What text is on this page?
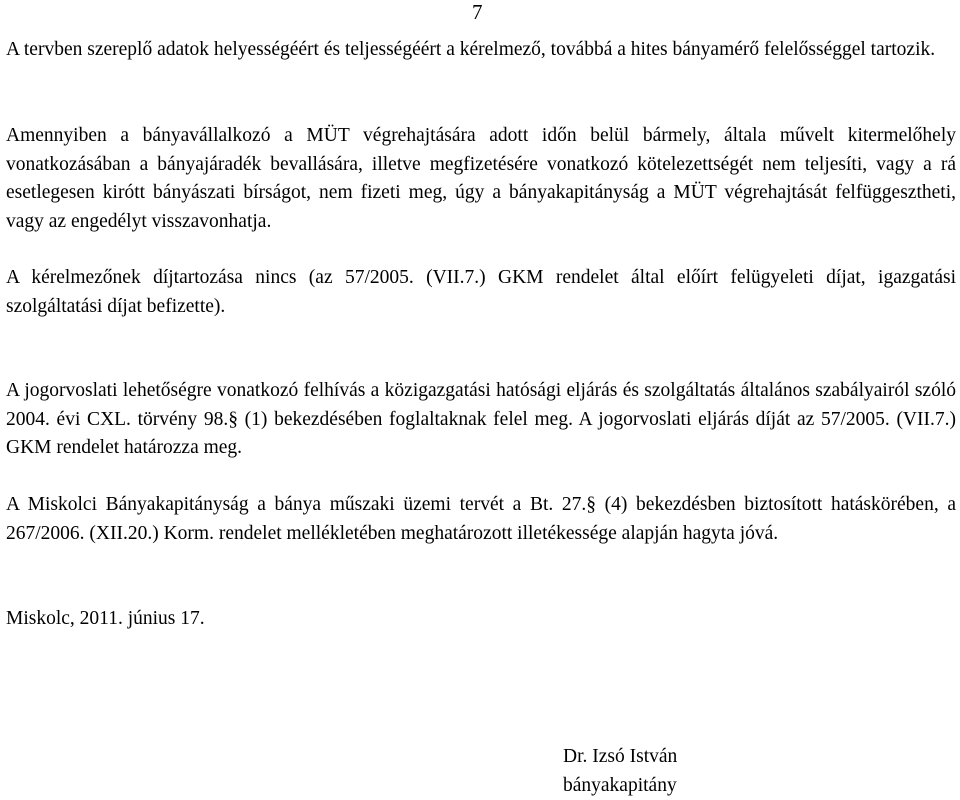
7

A tervben szereplő adatok helyességéért és teljességéért a kérelmező, továbbá a hites bányamérő felelősséggel tartozik.

Amennyiben a bányavállalkozó a MÜT végrehajtására adott időn belül bármely, általa művelt kitermelőhely vonatkozásában a bányajáradék bevallására, illetve megfizetésére vonatkozó kötelezettségét nem teljesíti, vagy a rá esetlegesen kirótt bányászati bírságot, nem fizeti meg, úgy a bányakapitányság a MÜT végrehajtását felfüggesztheti, vagy az engedélyt visszavonhatja.

A kérelmezőnek díjtartozása nincs (az 57/2005. (VII.7.) GKM rendelet által előírt felügyeleti díjat, igazgatási szolgáltatási díjat befizette).

A jogorvoslati lehetőségre vonatkozó felhívás a közigazgatási hatósági eljárás és szolgáltatás általános szabályairól szóló 2004. évi CXL. törvény 98.§ (1) bekezdésében foglaltaknak felel meg. A jogorvoslati eljárás díját az 57/2005. (VII.7.) GKM rendelet határozza meg.

A Miskolci Bányakapitányság a bánya műszaki üzemi tervét a Bt. 27.§ (4) bekezdésben biztosított hatáskörében, a 267/2006. (XII.20.) Korm. rendelet mellékletében meghatározott illetékessége alapján hagyta jóvá.

Miskolc, 2011. június 17.

Dr. Izsó István
bányakapitány
